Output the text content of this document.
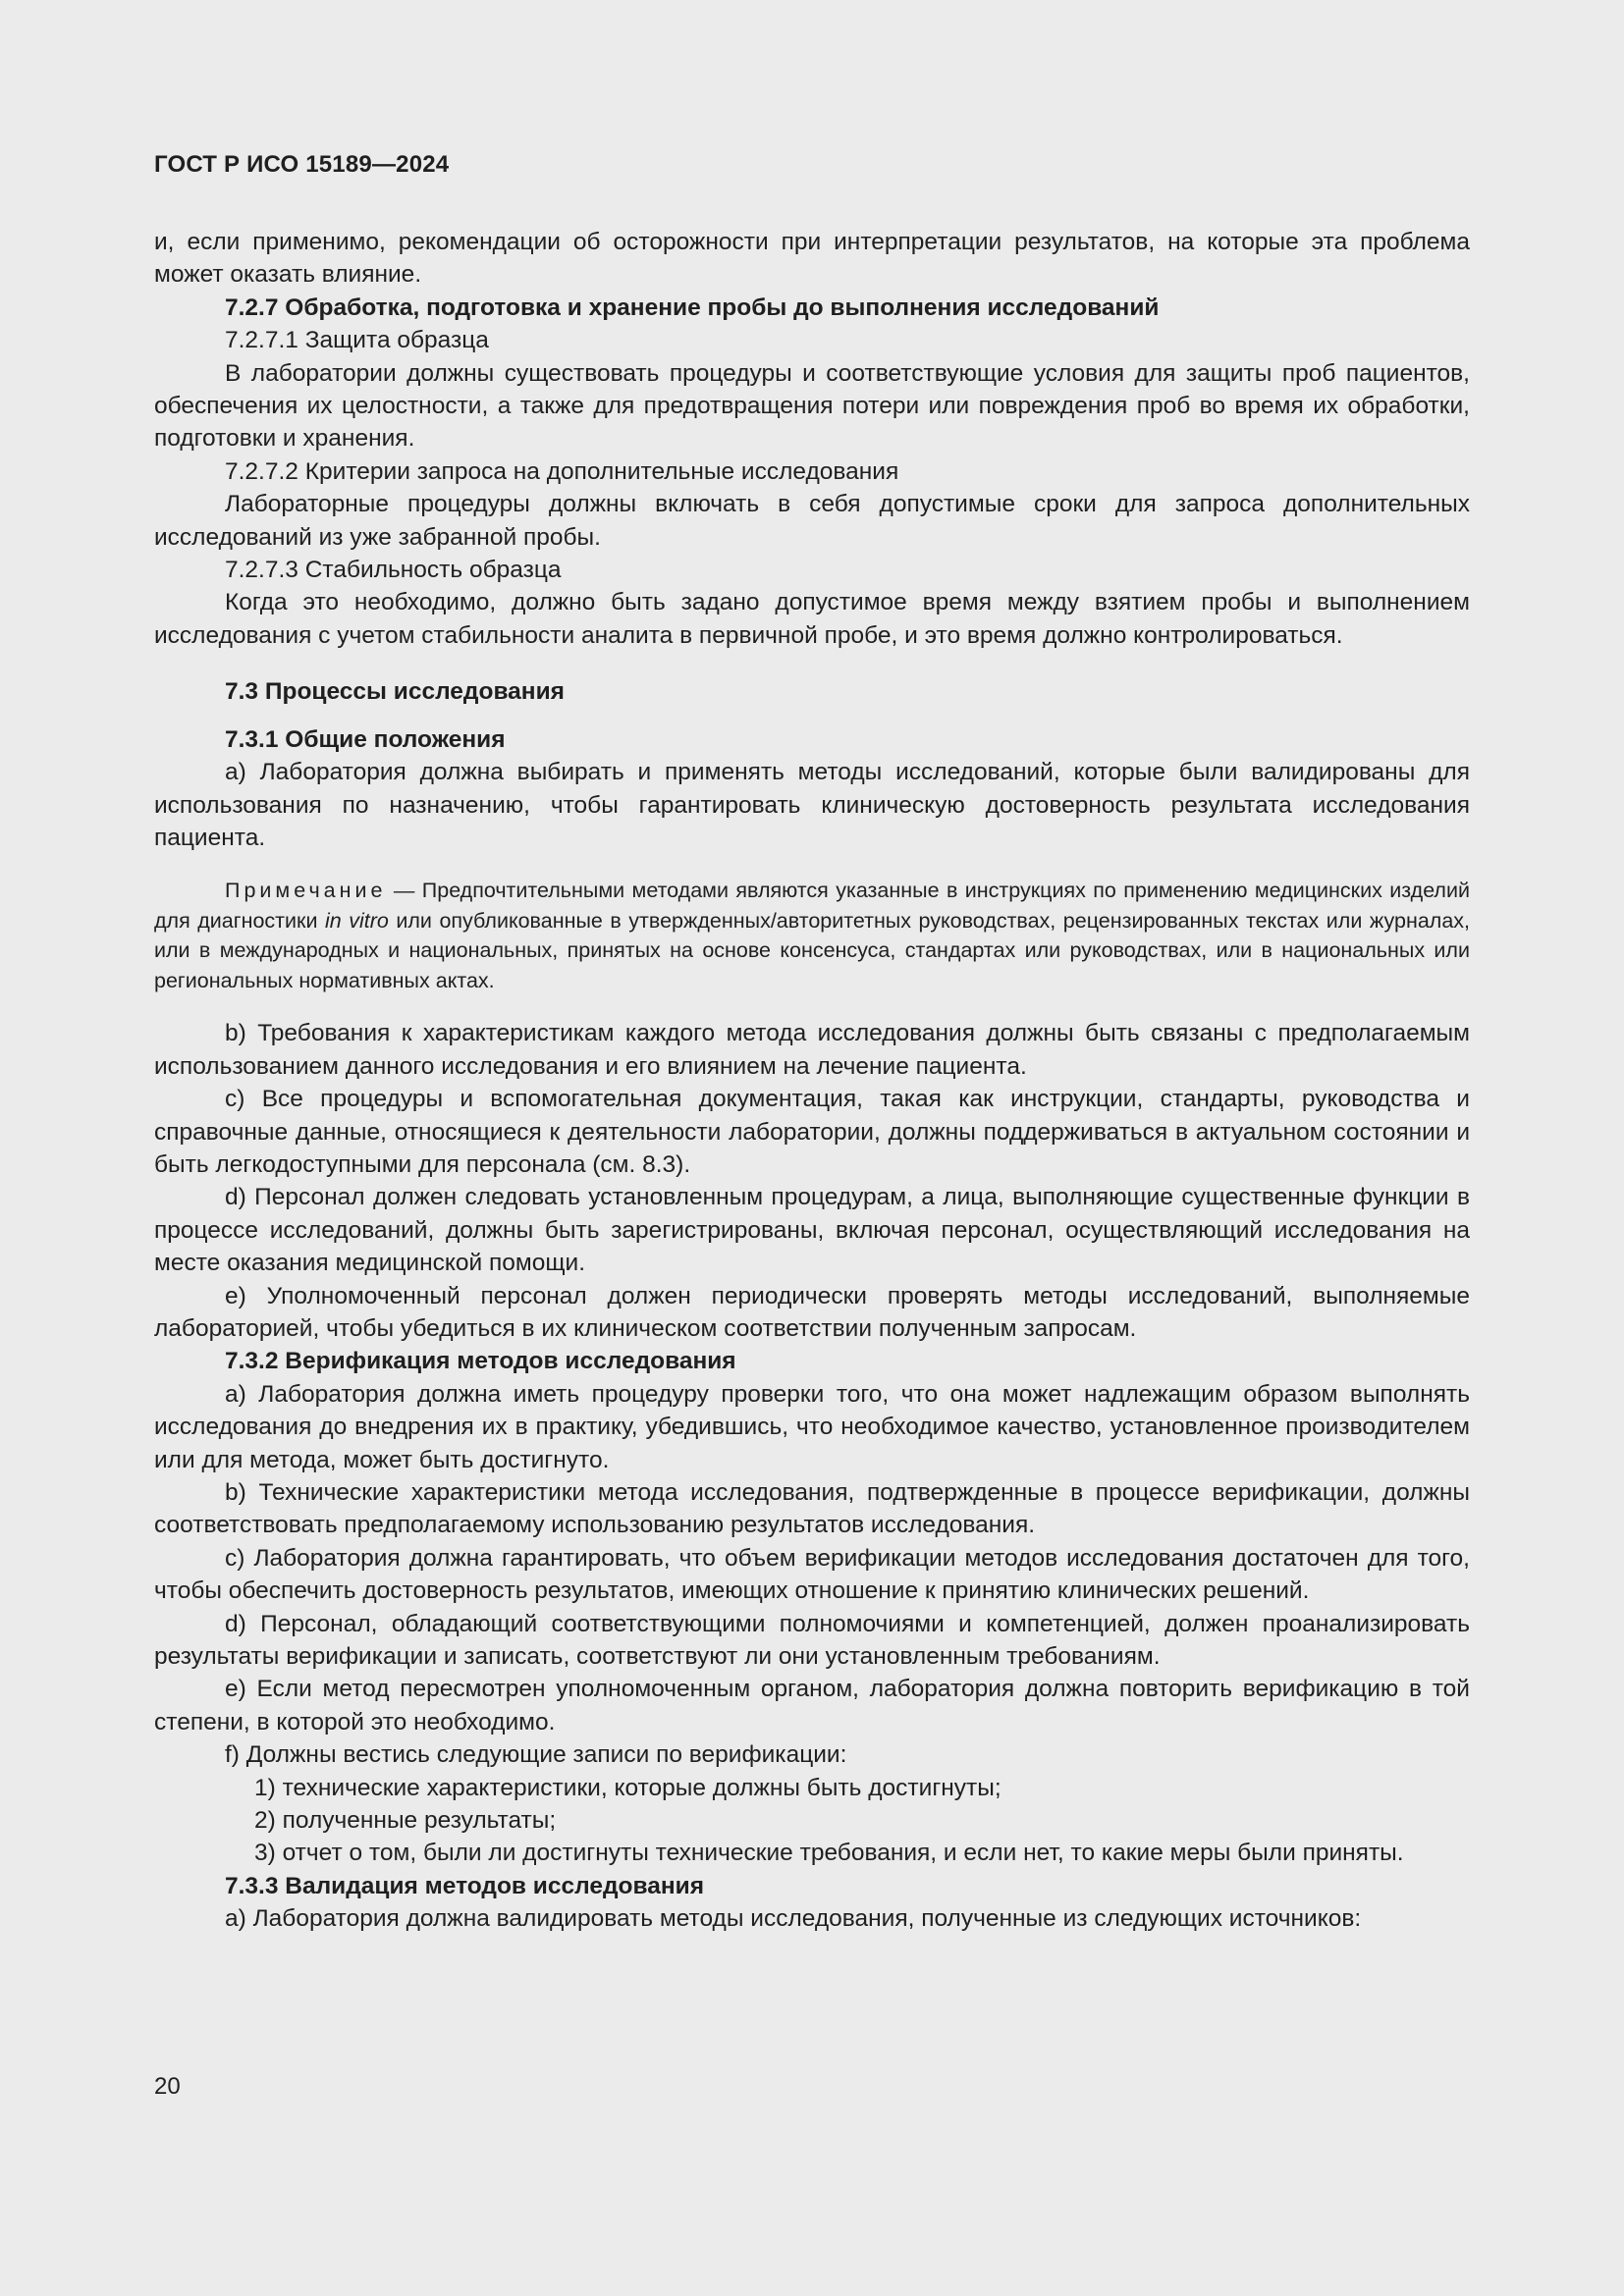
ГОСТ Р ИСО 15189—2024

и, если применимо, рекомендации об осторожности при интерпретации результатов, на которые эта проблема может оказать влияние.

7.2.7 Обработка, подготовка и хранение пробы до выполнения исследований

7.2.7.1 Защита образца

В лаборатории должны существовать процедуры и соответствующие условия для защиты проб пациентов, обеспечения их целостности, а также для предотвращения потери или повреждения проб во время их обработки, подготовки и хранения.

7.2.7.2 Критерии запроса на дополнительные исследования

Лабораторные процедуры должны включать в себя допустимые сроки для запроса дополнительных исследований из уже забранной пробы.

7.2.7.3 Стабильность образца

Когда это необходимо, должно быть задано допустимое время между взятием пробы и выполнением исследования с учетом стабильности аналита в первичной пробе, и это время должно контролироваться.

7.3 Процессы исследования

7.3.1 Общие положения

a) Лаборатория должна выбирать и применять методы исследований, которые были валидированы для использования по назначению, чтобы гарантировать клиническую достоверность результата исследования пациента.

Примечание — Предпочтительными методами являются указанные в инструкциях по применению медицинских изделий для диагностики in vitro или опубликованные в утвержденных/авторитетных руководствах, рецензированных текстах или журналах, или в международных и национальных, принятых на основе консенсуса, стандартах или руководствах, или в национальных или региональных нормативных актах.

b) Требования к характеристикам каждого метода исследования должны быть связаны с предполагаемым использованием данного исследования и его влиянием на лечение пациента.

c) Все процедуры и вспомогательная документация, такая как инструкции, стандарты, руководства и справочные данные, относящиеся к деятельности лаборатории, должны поддерживаться в актуальном состоянии и быть легкодоступными для персонала (см. 8.3).

d) Персонал должен следовать установленным процедурам, а лица, выполняющие существенные функции в процессе исследований, должны быть зарегистрированы, включая персонал, осуществляющий исследования на месте оказания медицинской помощи.

e) Уполномоченный персонал должен периодически проверять методы исследований, выполняемые лабораторией, чтобы убедиться в их клиническом соответствии полученным запросам.

7.3.2 Верификация методов исследования

a) Лаборатория должна иметь процедуру проверки того, что она может надлежащим образом выполнять исследования до внедрения их в практику, убедившись, что необходимое качество, установленное производителем или для метода, может быть достигнуто.

b) Технические характеристики метода исследования, подтвержденные в процессе верификации, должны соответствовать предполагаемому использованию результатов исследования.

c) Лаборатория должна гарантировать, что объем верификации методов исследования достаточен для того, чтобы обеспечить достоверность результатов, имеющих отношение к принятию клинических решений.

d) Персонал, обладающий соответствующими полномочиями и компетенцией, должен проанализировать результаты верификации и записать, соответствуют ли они установленным требованиям.

e) Если метод пересмотрен уполномоченным органом, лаборатория должна повторить верификацию в той степени, в которой это необходимо.

f) Должны вестись следующие записи по верификации:

1) технические характеристики, которые должны быть достигнуты;

2) полученные результаты;

3) отчет о том, были ли достигнуты технические требования, и если нет, то какие меры были приняты.

7.3.3 Валидация методов исследования

a) Лаборатория должна валидировать методы исследования, полученные из следующих источников:

20
